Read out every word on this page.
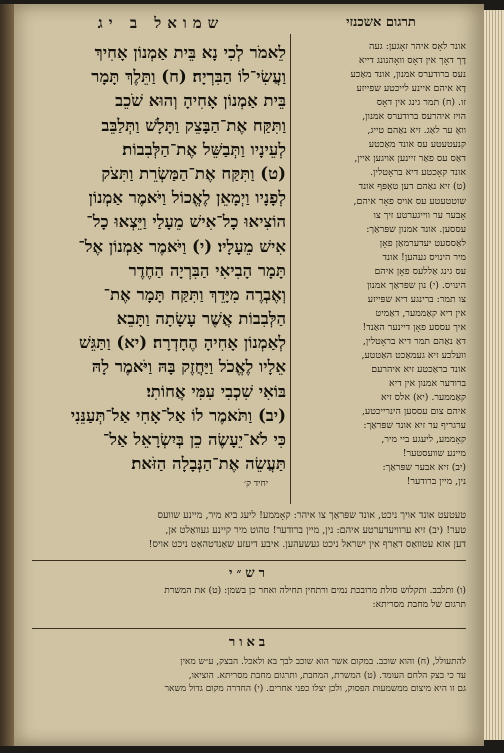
שמואל ב יג	תרגום אשכנזי
לֵאמֹר לְכִי נָא בֵּית אַמְנוֹן אָחִיךְ
וַעֲשִׂי־לוֹ הַבִּרְיָה׃ (ח) וַתֵּלֶךְ תָּמָר
בֵּית אַמְנוֹן אָחִיהָ וְהוּא שֹׁכֵב
וַתִּקַּח אֶת־הַבָּצֵק וַתָּלָשׁ וַתְּלַבֵּב
לְעֵינָיו וַתְּבַשֵּׁל אֶת־הַלְּבִבוֹת׃
(ט) וַתִּקַּח אֶת־הַמַּשְׂרֵת וַתִּצֹק
לְפָנָיו וַיְמָאֵן לֶאֱכוֹל וַיֹּאמֶר אַמְנוֹן
הוֹצִיאוּ כָל־אִישׁ מֵעָלַי וַיֵּצְאוּ כָל־
אִישׁ מֵעָלָיו׃ (י) וַיֹּאמֶר אַמְנוֹן אֶל־
תָּמָר הָבִיאִי הַבִּרְיָה הַחֶדֶר
וְאֶבְרֶה מִיָּדֵךְ וַתִּקַּח תָּמָר אֶת־
הַלְּבִבוֹת אֲשֶׁר עָשָׂתָה וַתָּבֵא
לְאַמְנוֹן אָחִיהָ הֶחָדְרָה׃ (יא) וַתַּגֵּשׁ
אֵלָיו לֶאֱכֹל וַיַּחֲזֶק בָּהּ וַיֹּאמֶר לָהּ
בּוֹאִי שִׁכְבִי עִמִּי אֲחוֹתִי׃
(יב) וַתֹּאמֶר לוֹ אַל־אָחִי אַל־תְּעַנֵּנִי
כִּי לֹא־יֵעָשֶׂה כֵן בְּיִשְׂרָאֵל אַל־
תַּעֲשֵׂה אֶת־הַנְּבָלָה הַזֹּאת׃
אונר לאָס איהר זאָגען: געה
דָך דאָך אין דאָס וואָהנונג דייא
נעס ברודערס אמנון, אונד מאַכע
דָא איהם איינע לייכטע שפייזע
זו. (ח) תמר גינג אין דאָס
הויז איהרעס ברודערס אמנון,
וואָ ער לאַג. זיא נאַהם טייג,
קנעטעטע עס אונד מאַכטע
דאַס עס פאַר זיינען אויגען איין,
אונד קאָכטע דיא בראָטלין.
(ט) זיא נאַהם דען טאָפּף אונד
שוטטעטע עס אויס פאָר איהם,
אָבער ער ווייגערטע זיך צו
עססען. אונד אמנון שפּראַך:
לאַססעט יעדערמאַן פאָן
מיר הינויס געהען! אונד
עס גינג אַללעס פאָן איהם
הינויס. (י) נון שפּראַך אמנון
צו תמר: ברינגע דיא שפּייזע
אין דיא קאַממער, דאַמיט
איך עססע פאָן דיינער האַנד!
דאַ נאַהם תמר דיא בראָטלין,
וועלכע זיא געמאַכט האַטטע,
אונד בראַכטע זיא איהרעם
ברודער אמנון אין דיא
קאַממער. (יא) אלס זיא
איהם צום עססען הינרייכטע,
ערגריף ער זיא אונד שפּראַך:
קאָממע, ליעגע ביי מיר,
מיינע שוועסטער!
(יב) זיא אבער שפּראַך:
נין, מיין ברודער!
יחיד ק׳
טעטעט אונד אויך ניכט, אונד שפּראַך צו איהר: קאָממע! ליעג ביא מיר, מיינע שוועס
טער! (יב) זיא ערוויעדערטע איהם: נין, מיין ברודער! טהוט מיר קיינע געוואַלט אן,
דען אזא עטוואַס דאַרף אין ישראל ניכט געשעהען. איבע דיעזע שאַנדטהאַט ניכט אויס!
רש״י
(ו) ותלבב. ותקלוש סולת מרובכת נמים ורתחין תחילה ואחר כן בשמן: (ט) את המשרת
תרגום של מחבת מסריתא:
באור
להתעולל, (ח) והוא שוכב. במקום אשר הוא שוכב לבך בא ולאכל. הבצק, ע״ש מאין
עד כי בצק הלחם העומד. (ט) המשרת, המחבת, ותרגום מחבת מסריתא. הוציאו,
גם זו היא מיצום ממשמעות הפסוק, ולכן יצלו כפני אחרים. (י) החדרה מקום גדול משאר
